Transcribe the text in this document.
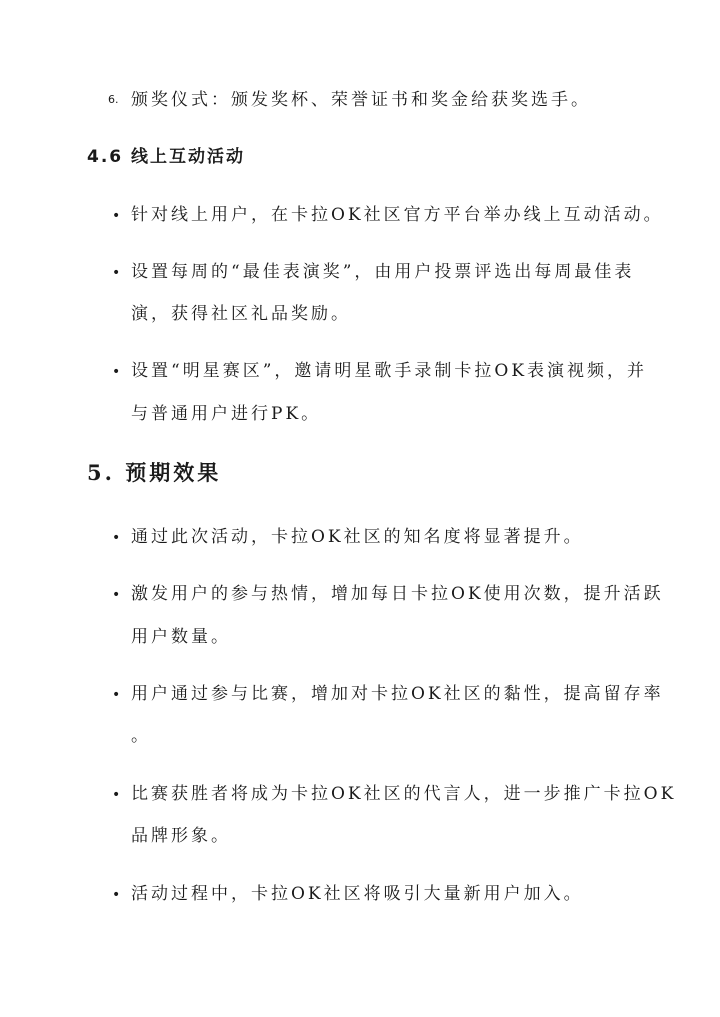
6. 颁奖仪式：颁发奖杯、荣誉证书和奖金给获奖选手。
4.6 线上互动活动
• 针对线上用户，在卡拉OK社区官方平台举办线上互动活动。
• 设置每周的“最佳表演奖”，由用户投票评选出每周最佳表
演，获得社区礼品奖励。
• 设置“明星赛区”，邀请明星歌手录制卡拉OK表演视频，并
与普通用户进行PK。
5. 预期效果
• 通过此次活动，卡拉OK社区的知名度将显著提升。
• 激发用户的参与热情，增加每日卡拉OK使用次数，提升活跃
用户数量。
• 用户通过参与比赛，增加对卡拉OK社区的黏性，提高留存率
。
• 比赛获胜者将成为卡拉OK社区的代言人，进一步推广卡拉OK
品牌形象。
• 活动过程中，卡拉OK社区将吸引大量新用户加入。
